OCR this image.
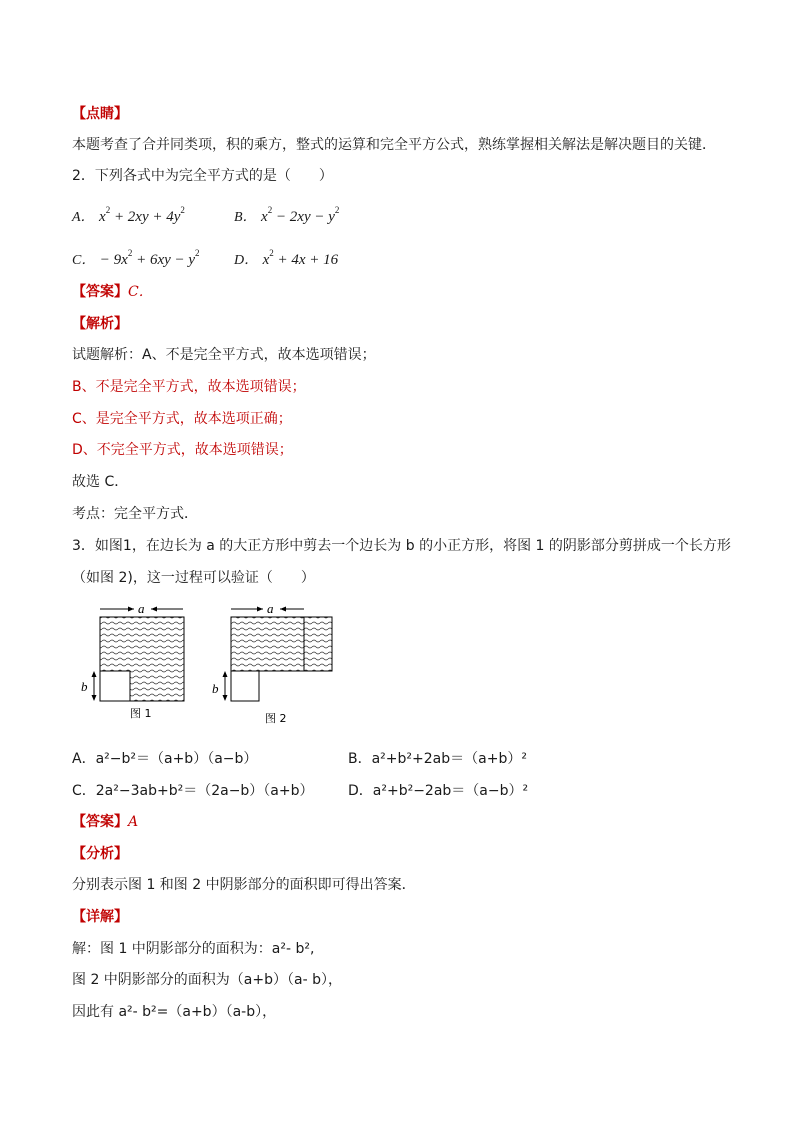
【点睛】
本题考查了合并同类项，积的乘方，整式的运算和完全平方公式，熟练掌握相关解法是解决题目的关键．
2．下列各式中为完全平方式的是（　　）
A． $x^2 + 2xy + 4y^2$	B． $x^2 - 2xy - y^2$
C． − $9x^2 + 6xy - y^2$ D． $x^2 + 4x + 16$
【答案】C．
【解析】
试题解析：A、不是完全平方式，故本选项错误；
B、不是完全平方式，故本选项错误；
C、是完全平方式，故本选项正确；
D、不完全平方式，故本选项错误；
故选 C．
考点：完全平方式．
3．如图1，在边长为 a 的大正方形中剪去一个边长为 b 的小正方形，将图 1 的阴影部分剪拼成一个长方形
（如图 2)，这一过程可以验证（　　）
a
b
图 1
a
b
图 2
A．a²−b²＝（a+b）（a−b）	B．a²+b²+2ab＝（a+b）²
C．2a²−3ab+b²＝（2a−b）（a+b） D．a²+b²−2ab＝（a−b）²
【答案】A
【分析】
分别表示图 1 和图 2 中阴影部分的面积即可得出答案．
【详解】
解：图 1 中阴影部分的面积为：a²- b²,
图 2 中阴影部分的面积为（a+b）（a- b），
因此有 a²- b²=（a+b）（a-b），
